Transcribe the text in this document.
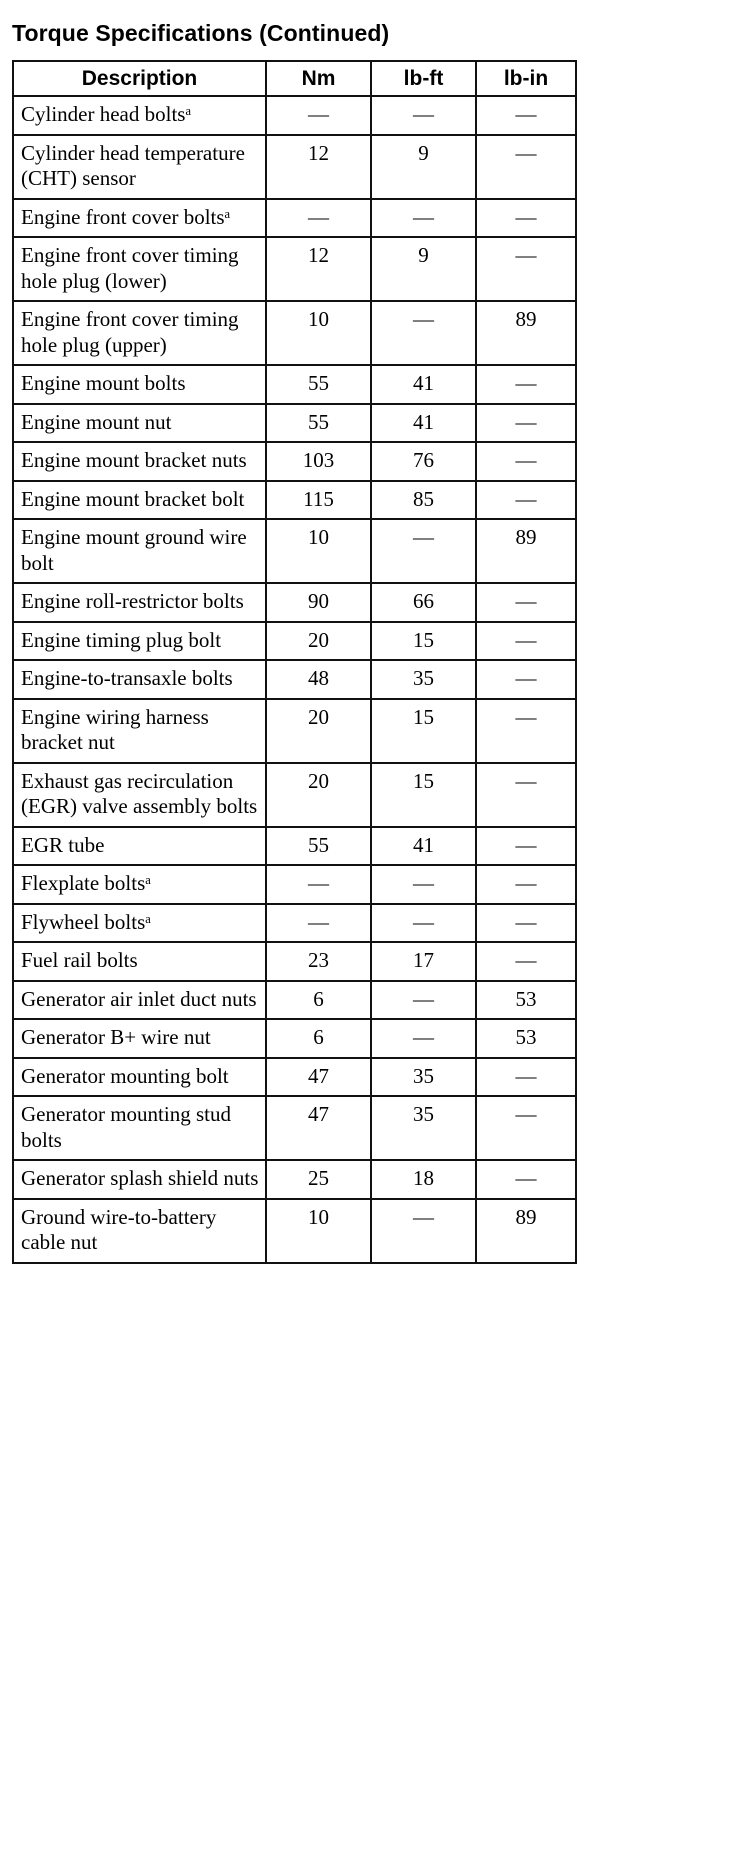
Torque Specifications (Continued)
Description	Nm	lb-ft	lb-in
Cylinder head boltsᵃ	—	—	—
Cylinder head temperature (CHT) sensor	12	9	—
Engine front cover boltsᵃ	—	—	—
Engine front cover timing hole plug (lower)	12	9	—
Engine front cover timing hole plug (upper)	10	—	89
Engine mount bolts	55	41	—
Engine mount nut	55	41	—
Engine mount bracket nuts	103	76	—
Engine mount bracket bolt	115	85	—
Engine mount ground wire bolt	10	—	89
Engine roll-restrictor bolts	90	66	—
Engine timing plug bolt	20	15	—
Engine-to-transaxle bolts	48	35	—
Engine wiring harness bracket nut	20	15	—
Exhaust gas recirculation (EGR) valve assembly bolts	20	15	—
EGR tube	55	41	—
Flexplate boltsᵃ	—	—	—
Flywheel boltsᵃ	—	—	—
Fuel rail bolts	23	17	—
Generator air inlet duct nuts	6	—	53
Generator B+ wire nut	6	—	53
Generator mounting bolt	47	35	—
Generator mounting stud bolts	47	35	—
Generator splash shield nuts	25	18	—
Ground wire-to-battery cable nut	10	—	89
